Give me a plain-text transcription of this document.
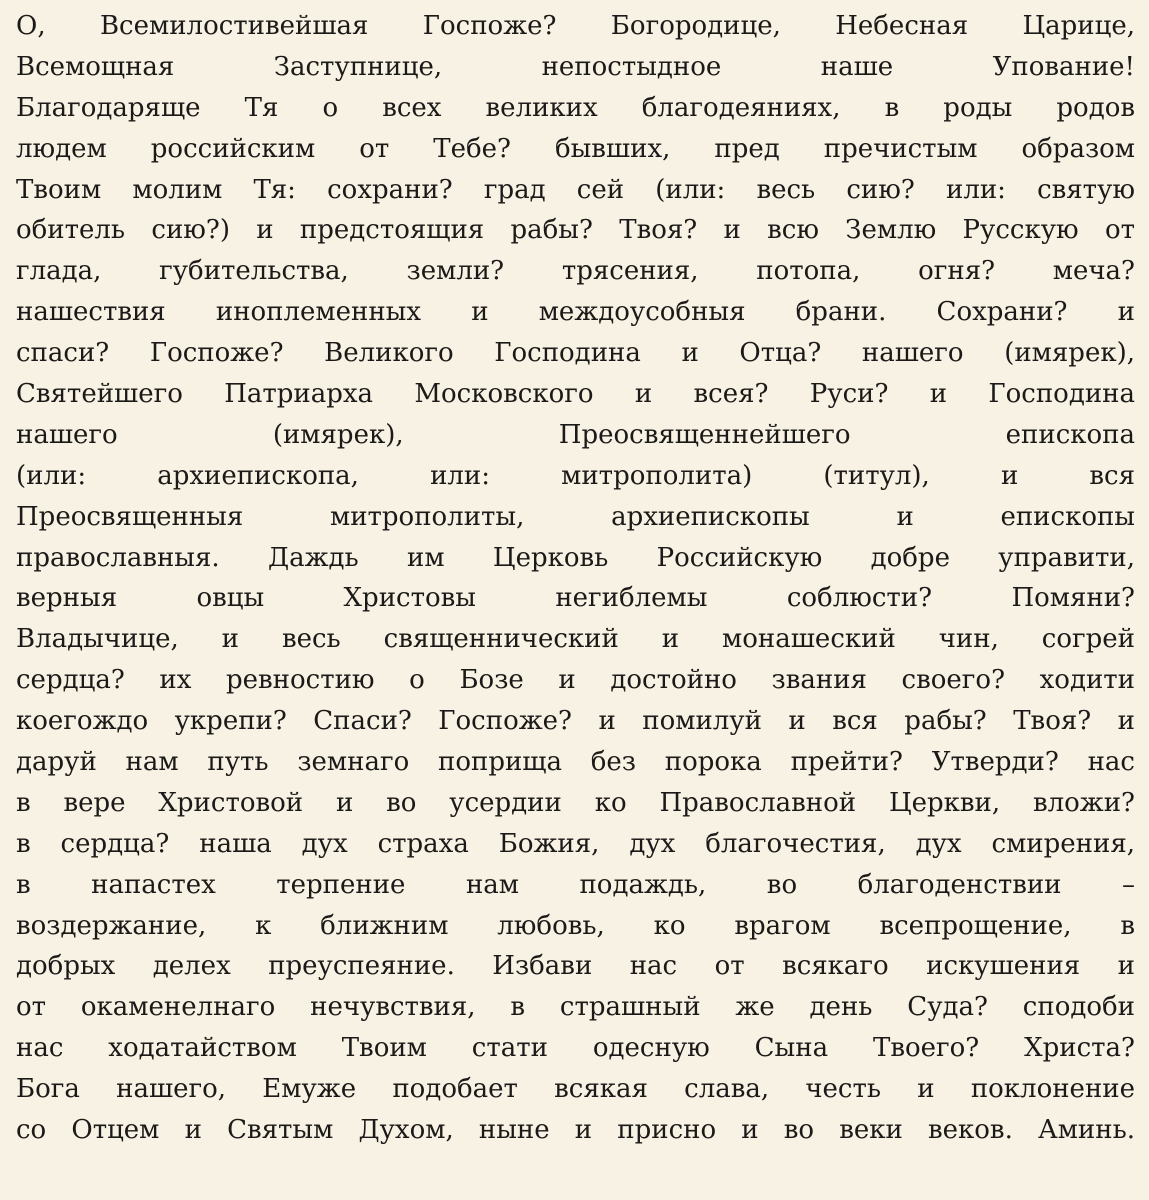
О, Всемилостивейшая Госпоже? Богородице, Небесная Царице,
Всемощная Заступнице, непостыдное наше Упование!
Благодаряще Тя о всех великих благодеяниях, в роды родов
людем российским от Тебе? бывших, пред пречистым образом
Твоим молим Тя: сохрани? град сей (или: весь сию? или: святую
обитель сию?) и предстоящия рабы? Твоя? и всю Землю Русскую от
глада, губительства, земли? трясения, потопа, огня? меча?
нашествия иноплеменных и междоусобныя брани. Сохрани? и
спаси? Госпоже? Великого Господина и Отца? нашего (имярек),
Святейшего Патриарха Московского и всея? Руси? и Господина
нашего (имярек), Преосвященнейшего епископа
(или: архиепископа, или: митрополита) (титул), и вся
Преосвященныя митрополиты, архиепископы и епископы
православныя. Даждь им Церковь Российскую добре управити,
верныя овцы Христовы негиблемы соблюсти? Помяни?
Владычице, и весь священнический и монашеский чин, согрей
сердца? их ревностию о Бозе и достойно звания своего? ходити
коегождо укрепи? Спаси? Госпоже? и помилуй и вся рабы? Твоя? и
даруй нам путь земнаго поприща без порока прейти? Утверди? нас
в вере Христовой и во усердии ко Православной Церкви, вложи?
в сердца? наша дух страха Божия, дух благочестия, дух смирения,
в напастех терпение нам подаждь, во благоденствии –
воздержание, к ближним любовь, ко врагом всепрощение, в
добрых делех преуспеяние. Избави нас от всякаго искушения и
от окаменелнаго нечувствия, в страшный же день Суда? сподоби
нас ходатайством Твоим стати одесную Сына Твоего? Христа?
Бога нашего, Емуже подобает всякая слава, честь и поклонение
со Отцем и Святым Духом, ныне и присно и во веки веков. Аминь.
